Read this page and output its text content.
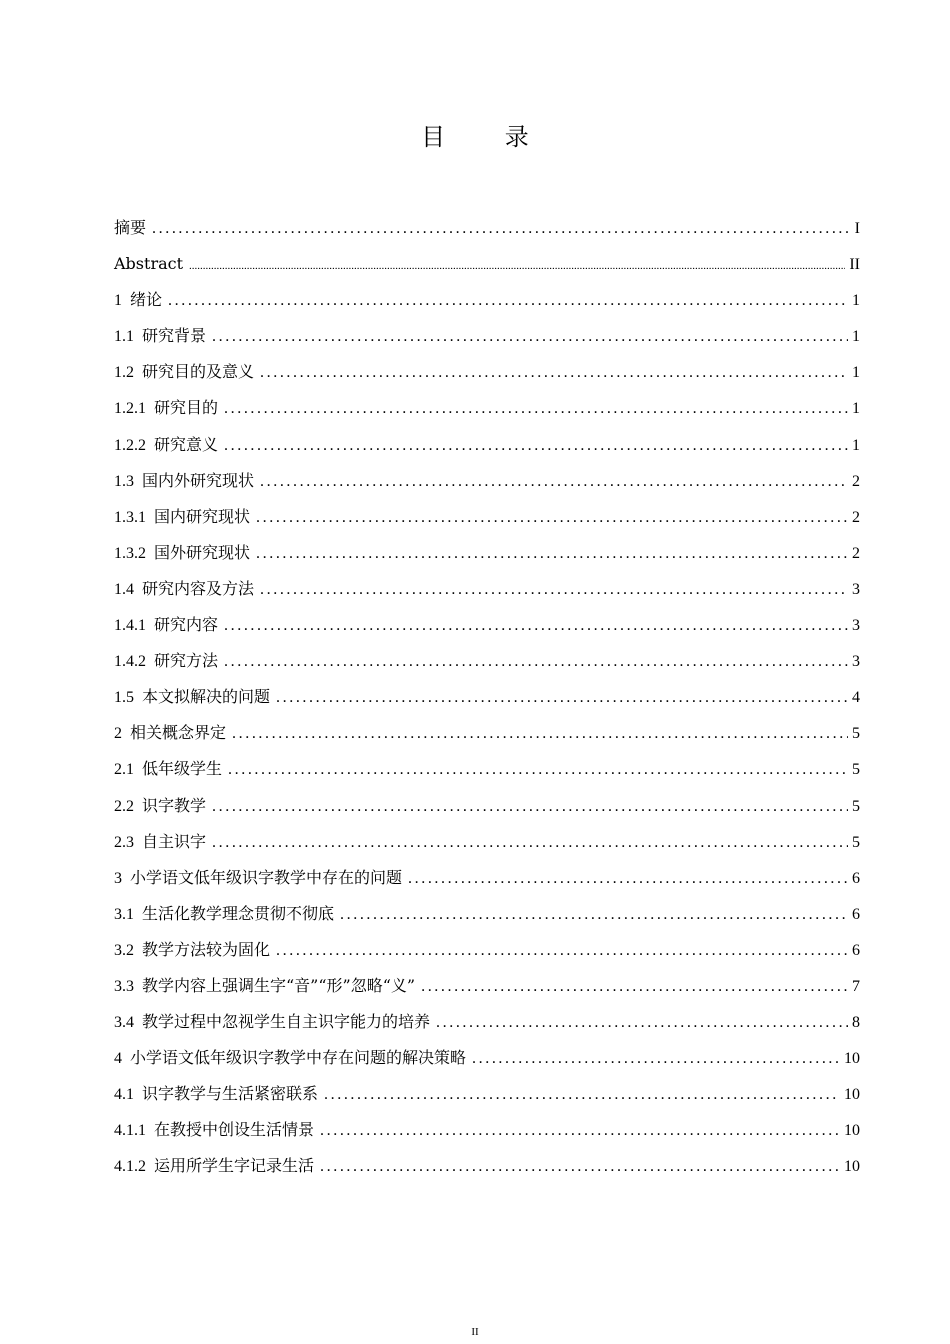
目 录
摘要 .....	I
Abstract .....	II
1 绪论 .....	1
1.1 研究背景 .....	1
1.2 研究目的及意义 .....	1
1.2.1 研究目的 .....	1
1.2.2 研究意义 .....	1
1.3 国内外研究现状 .....	2
1.3.1 国内研究现状 .....	2
1.3.2 国外研究现状 .....	2
1.4 研究内容及方法 .....	3
1.4.1 研究内容 .....	3
1.4.2 研究方法 .....	3
1.5 本文拟解决的问题 .....	4
2 相关概念界定 .....	5
2.1 低年级学生 .....	5
2.2 识字教学 .....	5
2.3 自主识字 .....	5
3 小学语文低年级识字教学中存在的问题 .....	6
3.1 生活化教学理念贯彻不彻底 .....	6
3.2 教学方法较为固化 .....	6
3.3 教学内容上强调生字“音”“形”忽略“义” .....	7
3.4 教学过程中忽视学生自主识字能力的培养 .....	8
4 小学语文低年级识字教学中存在问题的解决策略 .....	10
4.1 识字教学与生活紧密联系 .....	10
4.1.1 在教授中创设生活情景 .....	10
4.1.2 运用所学生字记录生活 .....	10
II
